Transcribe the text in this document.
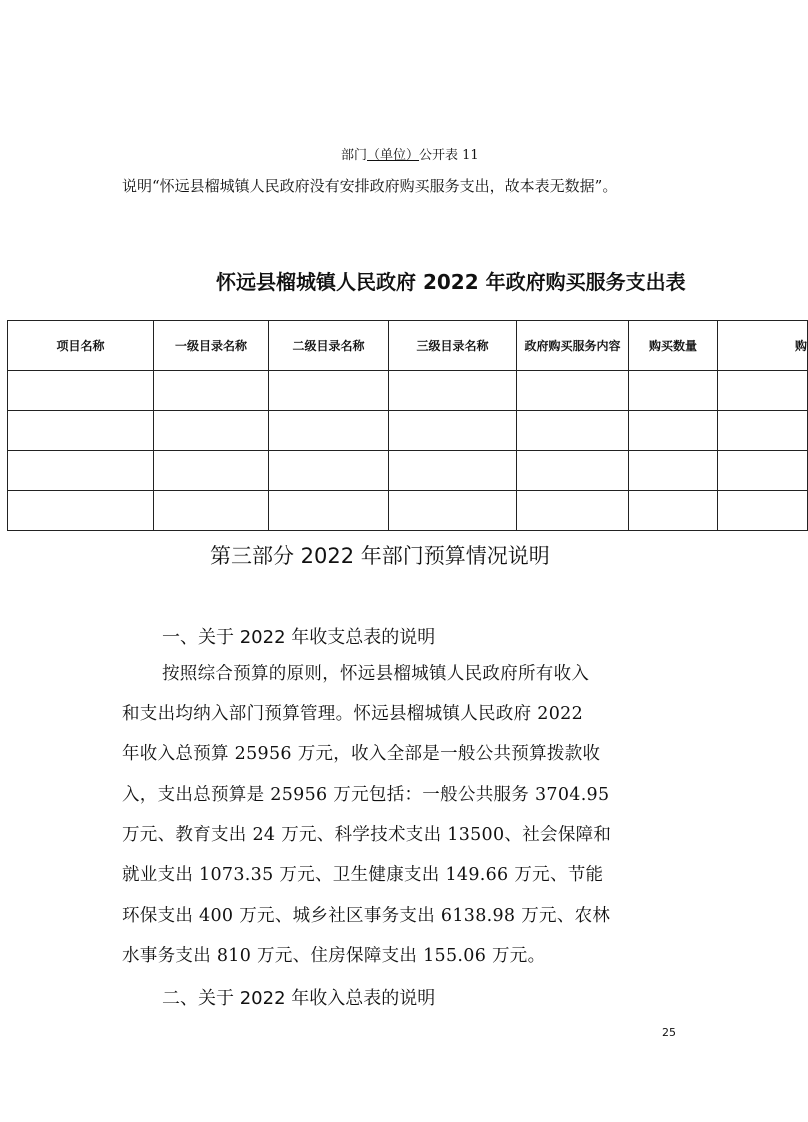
部门（单位）公开表 11
说明“怀远县榴城镇人民政府没有安排政府购买服务支出，故本表无数据”。
怀远县榴城镇人民政府 2022 年政府购买服务支出表
项目名称	一级目录名称	二级目录名称	三级目录名称	政府购买服务内容	购买数量	购

第三部分 2022 年部门预算情况说明
一、关于 2022 年收支总表的说明
按照综合预算的原则，怀远县榴城镇人民政府所有收入
和支出均纳入部门预算管理。怀远县榴城镇人民政府 2022
年收入总预算 25956 万元，收入全部是一般公共预算拨款收
入，支出总预算是 25956 万元包括：一般公共服务 3704.95
万元、教育支出 24 万元、科学技术支出 13500、社会保障和
就业支出 1073.35 万元、卫生健康支出 149.66 万元、节能
环保支出 400 万元、城乡社区事务支出 6138.98 万元、农林
水事务支出 810 万元、住房保障支出 155.06 万元。
二、关于 2022 年收入总表的说明
25
